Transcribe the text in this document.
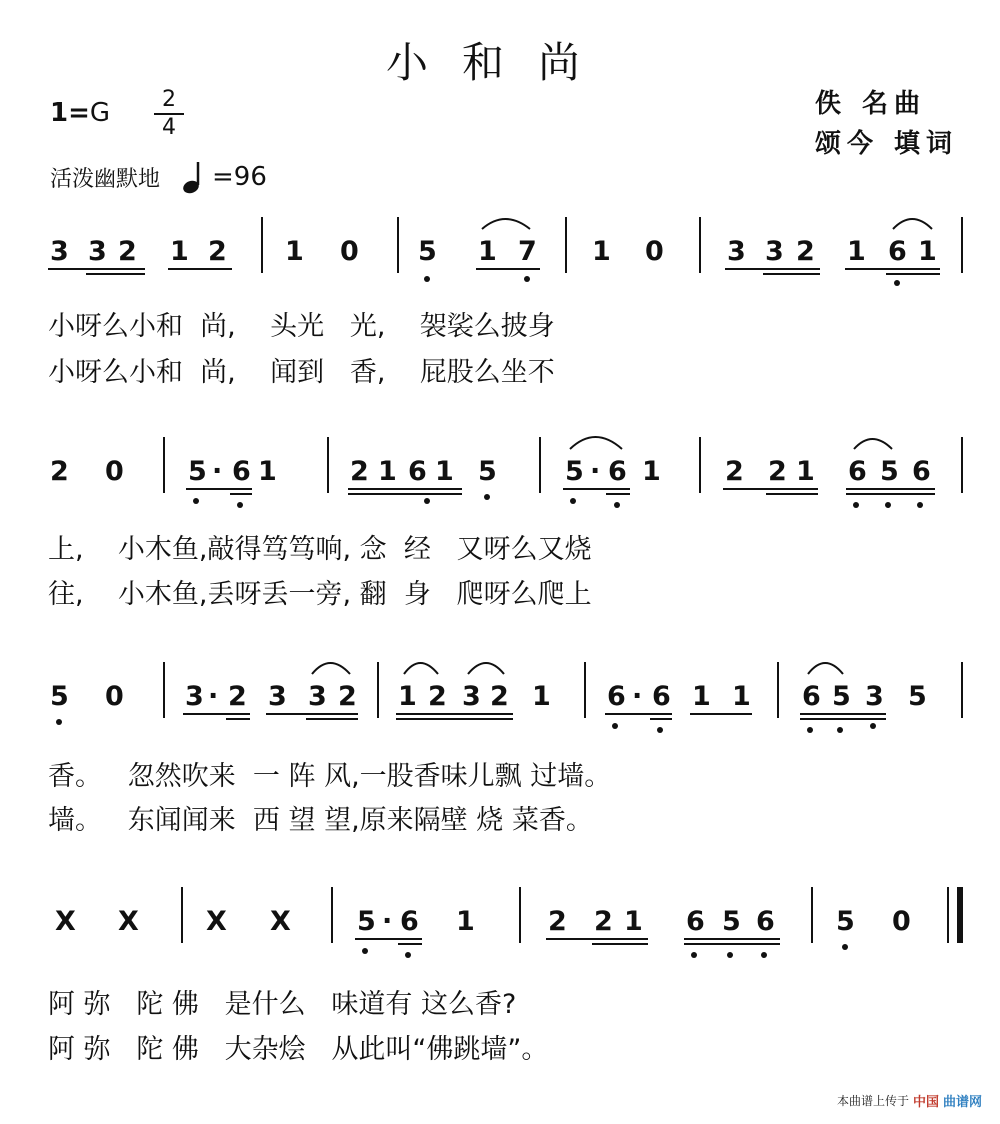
小和尚
1=G	2
4
佚 名曲
颂今 填词
活泼幽默地 =96
3 3 2 1 2 1 0 5 1 7 1 0 3 3 2 1 6 1
小呀么小和  尚,    头光   光,    袈裟么披身
小呀么小和  尚,    闻到   香,    屁股么坐不
2 0 5 · 6 1	2 1 6 1 5	5 · 6 1 2 2 1 6 5 6
上,    小木鱼,敲得笃笃响, 念  经   又呀么又烧
往,    小木鱼,丢呀丢一旁, 翻  身   爬呀么爬上
5 0 3 · 2 3 3 2 1 2 3 2 1 6 · 6 1 1 6 5 3 5
香。   忽然吹来  一 阵 风,一股香味儿飘 过墙。
墙。   东闻闻来  西 望 望,原来隔壁 烧 菜香。
X X X X 5 · 6 1	2 2 1 6 5 6 5 0
阿 弥   陀 佛   是什么   味道有 这么香?
阿 弥   陀 佛   大杂烩   从此叫“佛跳墙”。
本曲谱上传于 中国 曲谱网
